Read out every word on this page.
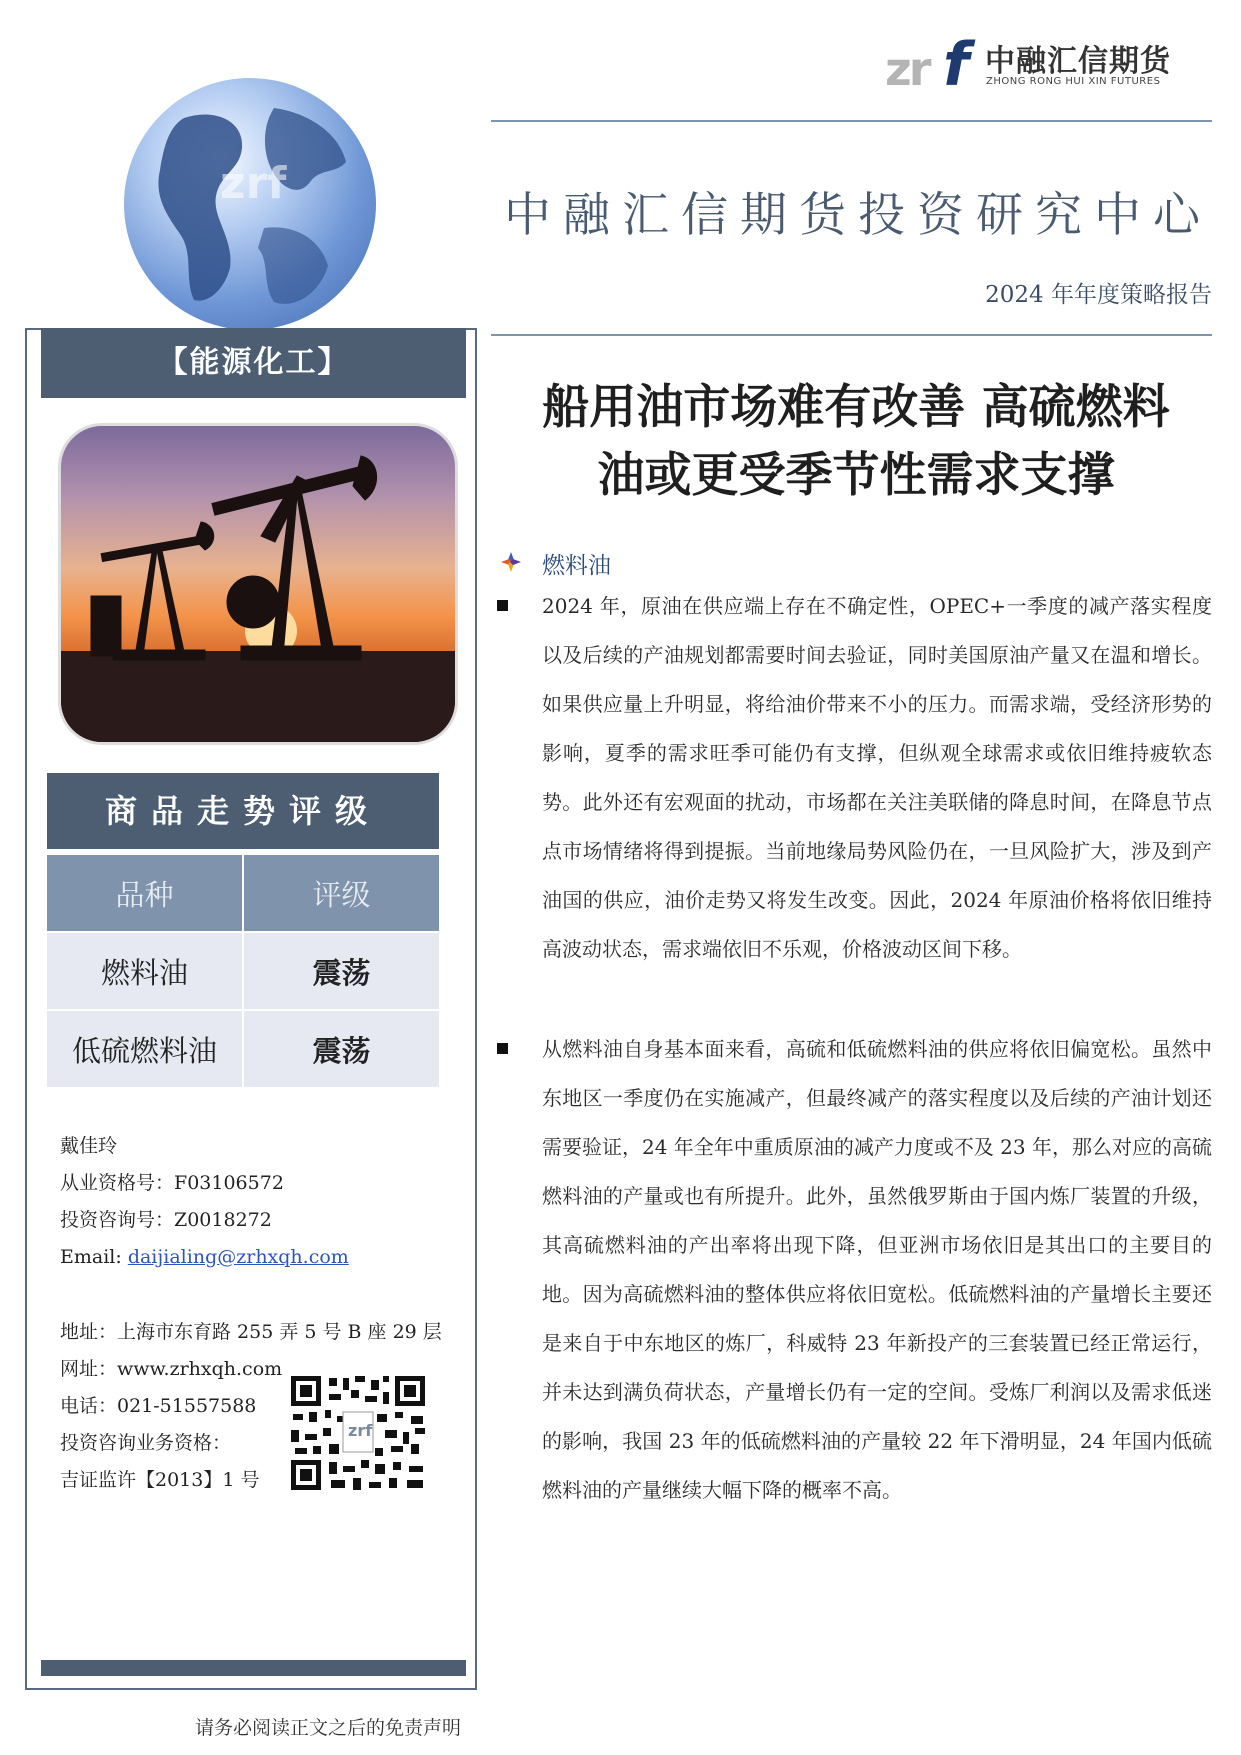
zr f 中融汇信期货
ZHONG RONG HUI XIN FUTURES
中融汇信期货投资研究中心
2024 年年度策略报告
船用油市场难有改善 高硫燃料
油或更受季节性需求支撑
zrf
【能源化工】
商品走势评级
品种	评级
燃料油	震荡
低硫燃料油	震荡
戴佳玲
从业资格号：F03106572
投资咨询号：Z0018272
Email: daijialing@zrhxqh.com
地址：上海市东育路 255 弄 5 号 B 座 29 层
网址：www.zrhxqh.com
电话：021-51557588
投资咨询业务资格：
吉证监许【2013】1 号
zrf
请务必阅读正文之后的免责声明
燃料油
2024 年，原油在供应端上存在不确定性，OPEC+一季度的减产落实程度以及后续的产油规划都需要时间去验证，同时美国原油产量又在温和增长。如果供应量上升明显，将给油价带来不小的压力。而需求端，受经济形势的影响，夏季的需求旺季可能仍有支撑，但纵观全球需求或依旧维持疲软态势。此外还有宏观面的扰动，市场都在关注美联储的降息时间，在降息节点点市场情绪将得到提振。当前地缘局势风险仍在，一旦风险扩大，涉及到产油国的供应，油价走势又将发生改变。因此，2024 年原油价格将依旧维持高波动状态，需求端依旧不乐观，价格波动区间下移。
从燃料油自身基本面来看，高硫和低硫燃料油的供应将依旧偏宽松。虽然中东地区一季度仍在实施减产，但最终减产的落实程度以及后续的产油计划还需要验证，24 年全年中重质原油的减产力度或不及 23 年，那么对应的高硫燃料油的产量或也有所提升。此外，虽然俄罗斯由于国内炼厂装置的升级，其高硫燃料油的产出率将出现下降，但亚洲市场依旧是其出口的主要目的地。因为高硫燃料油的整体供应将依旧宽松。低硫燃料油的产量增长主要还是来自于中东地区的炼厂，科威特 23 年新投产的三套装置已经正常运行，并未达到满负荷状态，产量增长仍有一定的空间。受炼厂利润以及需求低迷的影响，我国 23 年的低硫燃料油的产量较 22 年下滑明显，24 年国内低硫燃料油的产量继续大幅下降的概率不高。
